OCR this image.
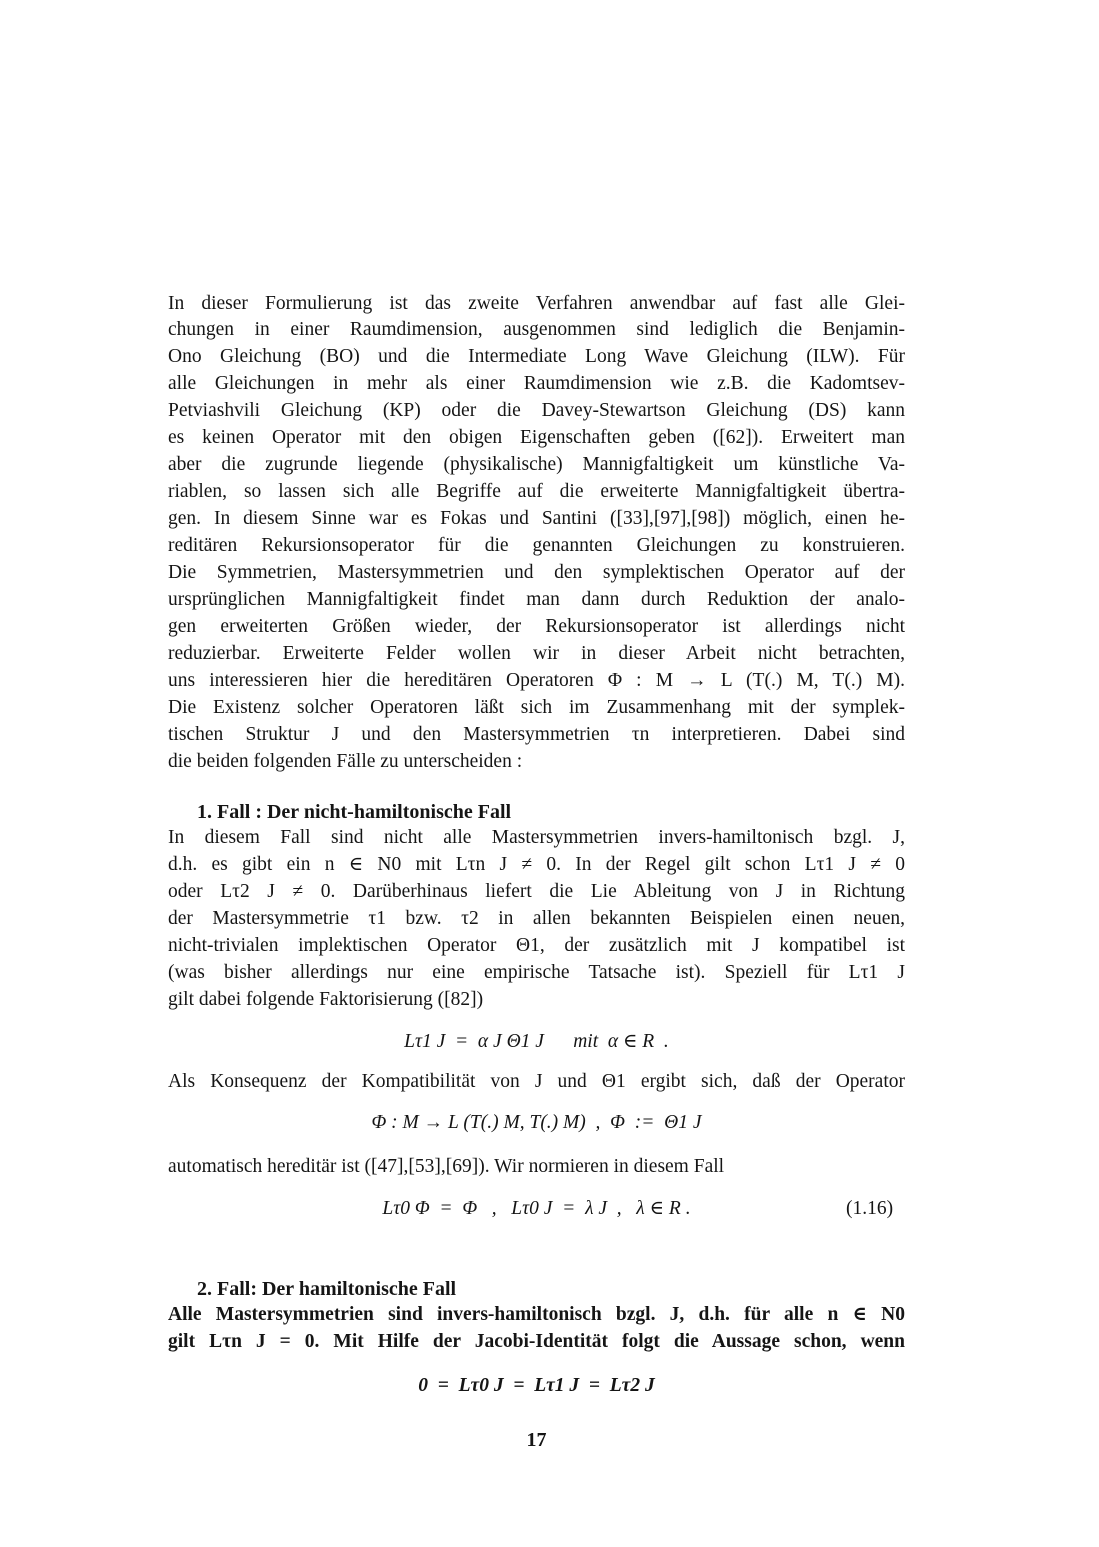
In dieser Formulierung ist das zweite Verfahren anwendbar auf fast alle Glei-
chungen in einer Raumdimension, ausgenommen sind lediglich die Benjamin-
Ono Gleichung (BO) und die Intermediate Long Wave Gleichung (ILW). Für
alle Gleichungen in mehr als einer Raumdimension wie z.B. die Kadomtsev-
Petviashvili Gleichung (KP) oder die Davey-Stewartson Gleichung (DS) kann
es keinen Operator mit den obigen Eigenschaften geben ([62]). Erweitert man
aber die zugrunde liegende (physikalische) Mannigfaltigkeit um künstliche Va-
riablen, so lassen sich alle Begriffe auf die erweiterte Mannigfaltigkeit übertra-
gen. In diesem Sinne war es Fokas und Santini ([33],[97],[98]) möglich, einen he-
reditären Rekursionsoperator für die genannten Gleichungen zu konstruieren.
Die Symmetrien, Mastersymmetrien und den symplektischen Operator auf der
ursprünglichen Mannigfaltigkeit findet man dann durch Reduktion der analo-
gen erweiterten Größen wieder, der Rekursionsoperator ist allerdings nicht
reduzierbar. Erweiterte Felder wollen wir in dieser Arbeit nicht betrachten,
uns interessieren hier die hereditären Operatoren Φ : M → L (T(.) M, T(.) M).
Die Existenz solcher Operatoren läßt sich im Zusammenhang mit der symplek-
tischen Struktur J und den Mastersymmetrien τn interpretieren. Dabei sind
die beiden folgenden Fälle zu unterscheiden :
1. Fall : Der nicht-hamiltonische Fall
In diesem Fall sind nicht alle Mastersymmetrien invers-hamiltonisch bzgl. J,
d.h. es gibt ein n ∈ N0 mit Lτn J ≠ 0. In der Regel gilt schon Lτ1 J ≠ 0
oder Lτ2 J ≠ 0. Darüberhinaus liefert die Lie Ableitung von J in Richtung
der Mastersymmetrie τ1 bzw. τ2 in allen bekannten Beispielen einen neuen,
nicht-trivialen implektischen Operator Θ1, der zusätzlich mit J kompatibel ist
(was bisher allerdings nur eine empirische Tatsache ist). Speziell für Lτ1 J
gilt dabei folgende Faktorisierung ([82])
Lτ1 J  =  α J Θ1 J      mit  α ∈ R  .
Als Konsequenz der Kompatibilität von J und Θ1 ergibt sich, daß der Operator
Φ : M → L (T(.) M, T(.) M)  ,  Φ  :=  Θ1 J
automatisch hereditär ist ([47],[53],[69]). Wir normieren in diesem Fall
Lτ0 Φ  =  Φ   ,   Lτ0 J  =  λ J  ,   λ ∈ R .	(1.16)
2. Fall: Der hamiltonische Fall
Alle Mastersymmetrien sind invers-hamiltonisch bzgl. J, d.h. für alle n ∈ N0
gilt Lτn J = 0. Mit Hilfe der Jacobi-Identität folgt die Aussage schon, wenn
0  =  Lτ0 J  =  Lτ1 J  =  Lτ2 J
17
